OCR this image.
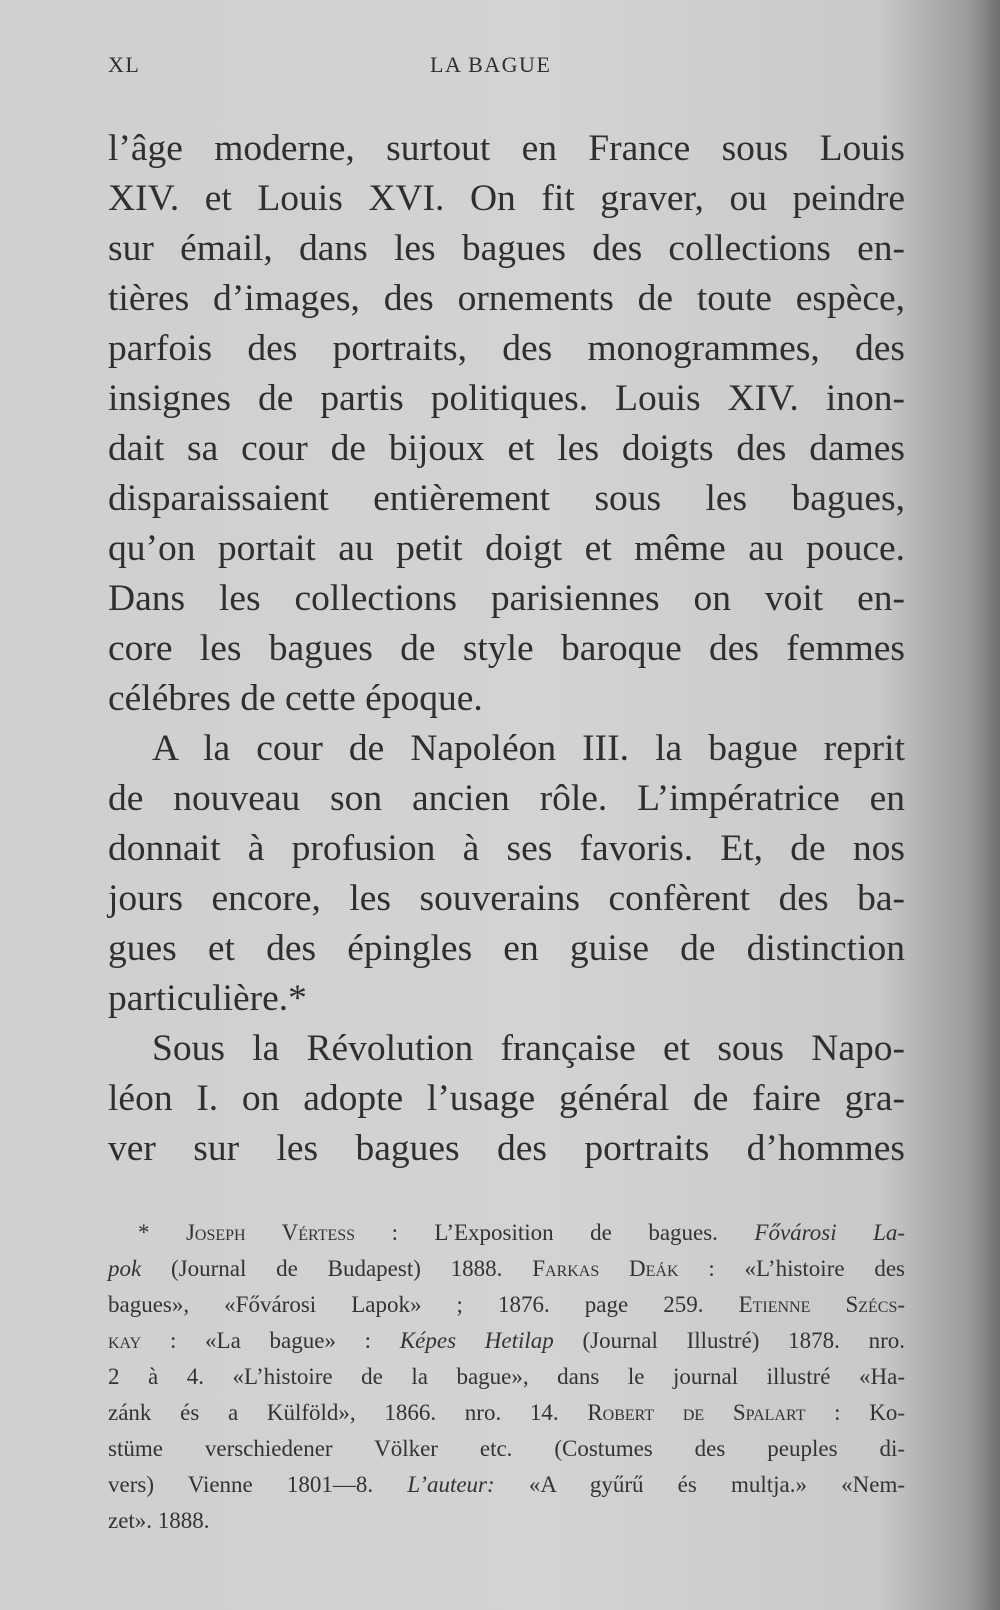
XL	LA BAGUE
l’âge moderne, surtout en France sous Louis
XIV. et Louis XVI. On fit graver, ou peindre
sur émail, dans les bagues des collections en-
tières d’images, des ornements de toute espèce,
parfois des portraits, des monogrammes, des
insignes de partis politiques. Louis XIV. inon-
dait sa cour de bijoux et les doigts des dames
disparaissaient entièrement sous les bagues,
qu’on portait au petit doigt et même au pouce.
Dans les collections parisiennes on voit en-
core les bagues de style baroque des femmes
célébres de cette époque.
A la cour de Napoléon III. la bague reprit
de nouveau son ancien rôle. L’impératrice en
donnait à profusion à ses favoris. Et, de nos
jours encore, les souverains confèrent des ba-
gues et des épingles en guise de distinction
particulière.*
Sous la Révolution française et sous Napo-
léon I. on adopte l’usage général de faire gra-
ver sur les bagues des portraits d’hommes
* Joseph Vértess : L’Exposition de bagues. Fővárosi La-
pok (Journal de Budapest) 1888. Farkas Deák : «L’histoire des
bagues», «Fővárosi Lapok» ; 1876. page 259. Etienne Szécs-
kay : «La bague» : Képes Hetilap (Journal Illustré) 1878. nro.
2 à 4. «L’histoire de la bague», dans le journal illustré «Ha-
zánk és a Külföld», 1866. nro. 14. Robert de Spalart : Ko-
stüme verschiedener Völker etc. (Costumes des peuples di-
vers) Vienne 1801—8. L’auteur: «A gyűrű és multja.» «Nem-
zet». 1888.
